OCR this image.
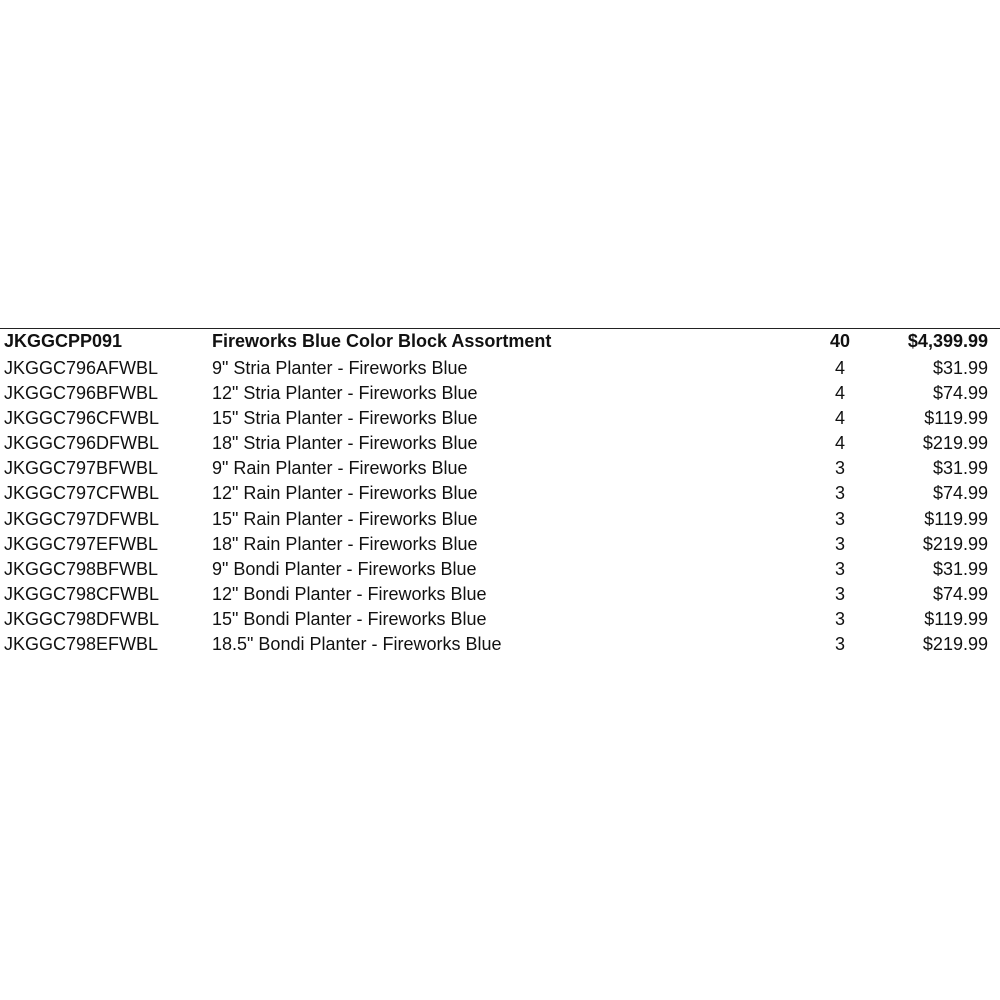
JKGGCPP091	Fireworks Blue Color Block Assortment	40	$4,399.99
JKGGC796AFWBL	9" Stria Planter - Fireworks Blue	4	$31.99
JKGGC796BFWBL	12" Stria Planter - Fireworks Blue	4	$74.99
JKGGC796CFWBL	15" Stria Planter - Fireworks Blue	4	$119.99
JKGGC796DFWBL	18" Stria Planter - Fireworks Blue	4	$219.99
JKGGC797BFWBL	9" Rain Planter - Fireworks Blue	3	$31.99
JKGGC797CFWBL	12" Rain Planter - Fireworks Blue	3	$74.99
JKGGC797DFWBL	15" Rain Planter - Fireworks Blue	3	$119.99
JKGGC797EFWBL	18" Rain Planter - Fireworks Blue	3	$219.99
JKGGC798BFWBL	9" Bondi Planter - Fireworks Blue	3	$31.99
JKGGC798CFWBL	12" Bondi Planter - Fireworks Blue	3	$74.99
JKGGC798DFWBL	15" Bondi Planter - Fireworks Blue	3	$119.99
JKGGC798EFWBL	18.5" Bondi Planter - Fireworks Blue	3	$219.99
